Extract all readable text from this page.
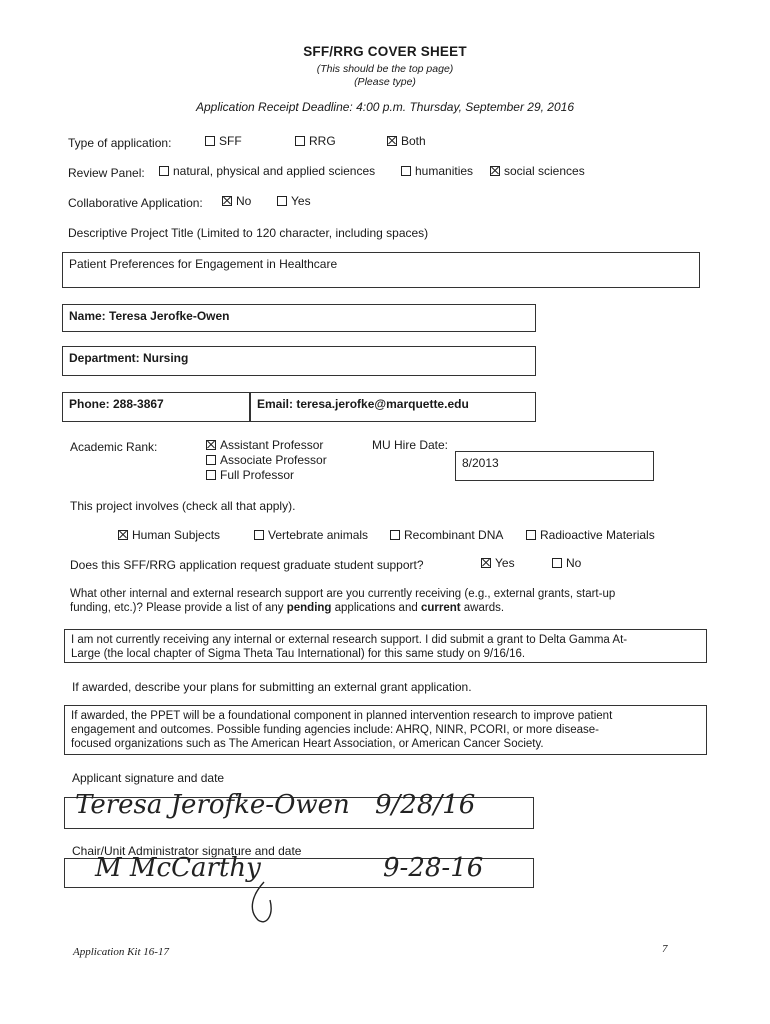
SFF/RRG COVER SHEET
(This should be the top page)
(Please type)
Application Receipt Deadline: 4:00 p.m. Thursday, September 29, 2016
Type of application:	SFF	RRG	Both
Review Panel:	natural, physical and applied sciences	humanities	social sciences
Collaborative Application:	No	Yes
Descriptive Project Title (Limited to 120 character, including spaces)
Patient Preferences for Engagement in Healthcare
Name: Teresa Jerofke-Owen
Department: Nursing
Phone: 288-3867	Email: teresa.jerofke@marquette.edu
Academic Rank:	Assistant Professor
Associate Professor
Full Professor
MU Hire Date:
8/2013
This project involves (check all that apply).
Human Subjects	Vertebrate animals	Recombinant DNA	Radioactive Materials
Does this SFF/RRG application request graduate student support?	Yes	No
What other internal and external research support are you currently receiving (e.g., external grants, start-up
funding, etc.)? Please provide a list of any pending applications and current awards.
I am not currently receiving any internal or external research support. I did submit a grant to Delta Gamma At-
Large (the local chapter of Sigma Theta Tau International) for this same study on 9/16/16.
If awarded, describe your plans for submitting an external grant application.
If awarded, the PPET will be a foundational component in planned intervention research to improve patient
engagement and outcomes. Possible funding agencies include: AHRQ, NINR, PCORI, or more disease-
focused organizations such as The American Heart Association, or American Cancer Society.
Applicant signature and date
Teresa Jerofke-Owen 9/28/16
Chair/Unit Administrator signature and date
M McCarthy	9-28-16
Application Kit 16-17	7
